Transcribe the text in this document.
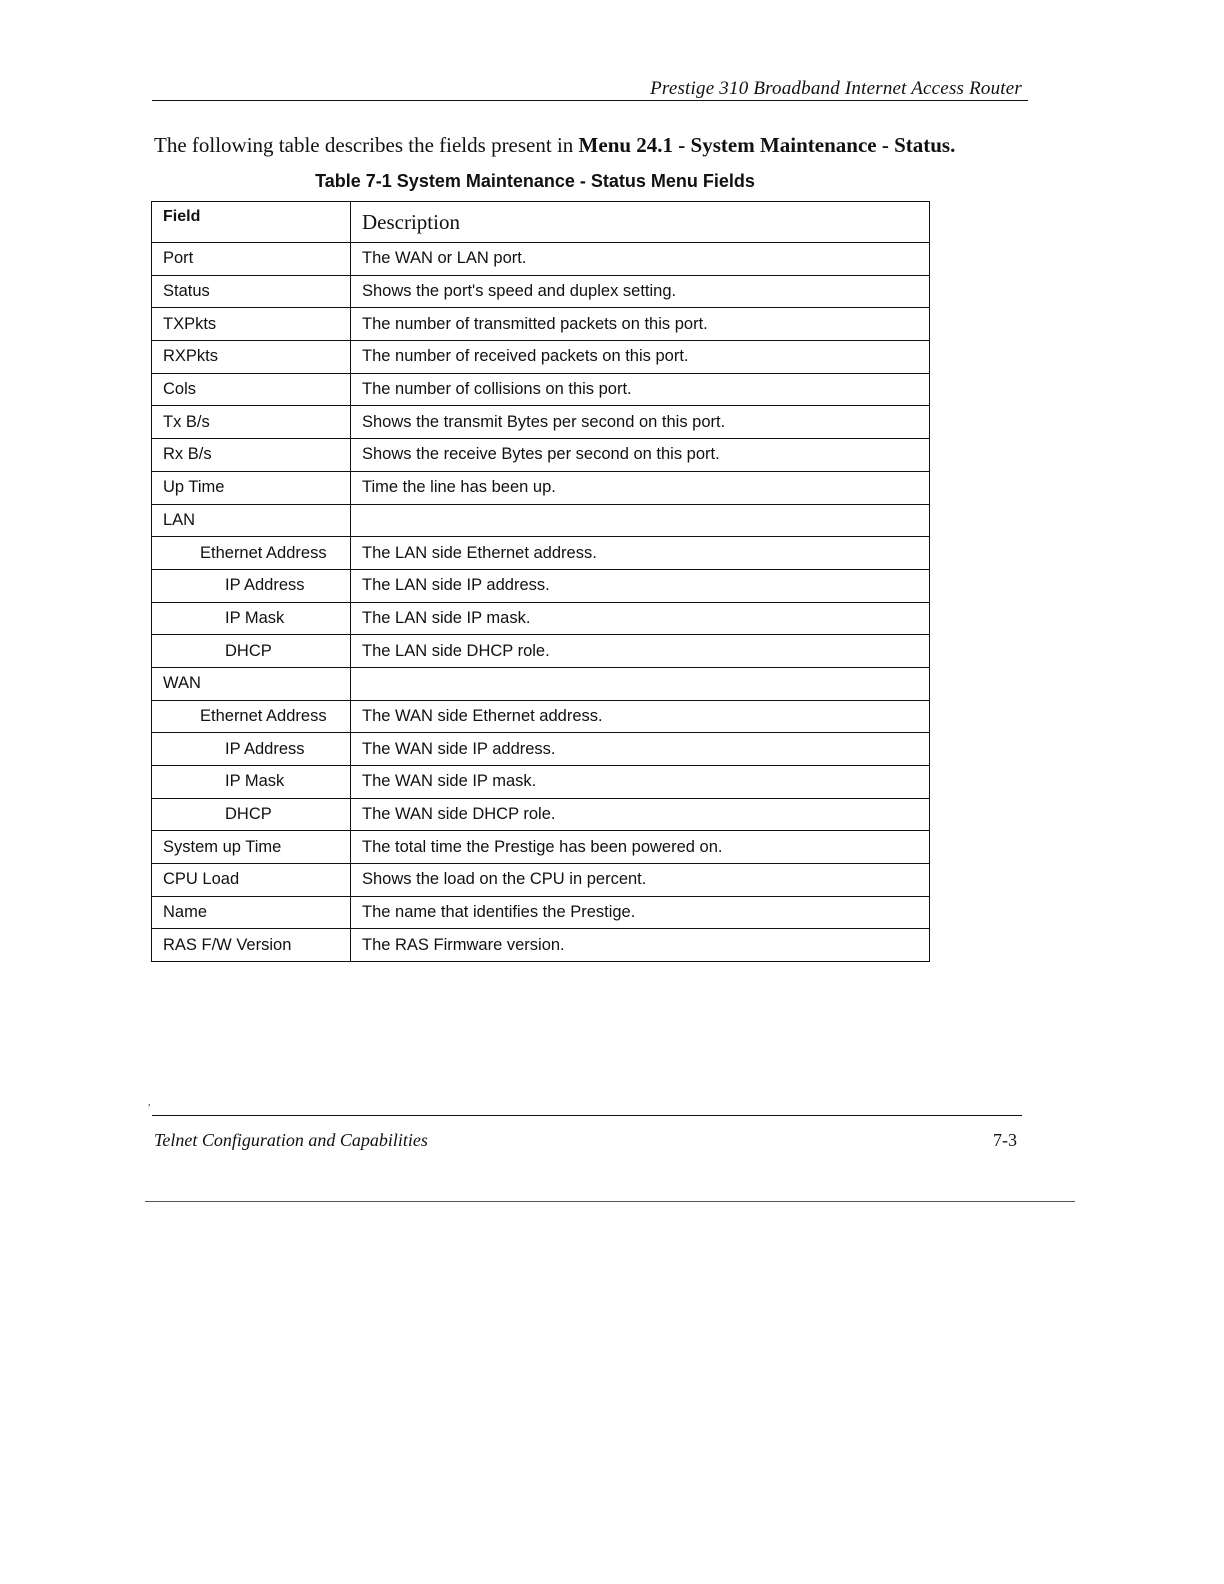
Prestige 310 Broadband Internet Access Router
The following table describes the fields present in Menu 24.1 - System Maintenance - Status.
Table 7-1 System Maintenance - Status Menu Fields
Field	Description
Port	The WAN or LAN port.
Status	Shows the port's speed and duplex setting.
TXPkts	The number of transmitted packets on this port.
RXPkts	The number of received packets on this port.
Cols	The number of collisions on this port.
Tx B/s	Shows the transmit Bytes per second on this port.
Rx B/s	Shows the receive Bytes per second on this port.
Up Time	Time the line has been up.
LAN	
Ethernet Address	The LAN side Ethernet address.
IP Address	The LAN side IP address.
IP Mask	The LAN side IP mask.
DHCP	The LAN side DHCP role.
WAN	
Ethernet Address	The WAN side Ethernet address.
IP Address	The WAN side IP address.
IP Mask	The WAN side IP mask.
DHCP	The WAN side DHCP role.
System up Time	The total time the Prestige has been powered on.
CPU Load	Shows the load on the CPU in percent.
Name	The name that identifies the Prestige.
RAS F/W Version	The RAS Firmware version.
,
Telnet Configuration and Capabilities	7-3
